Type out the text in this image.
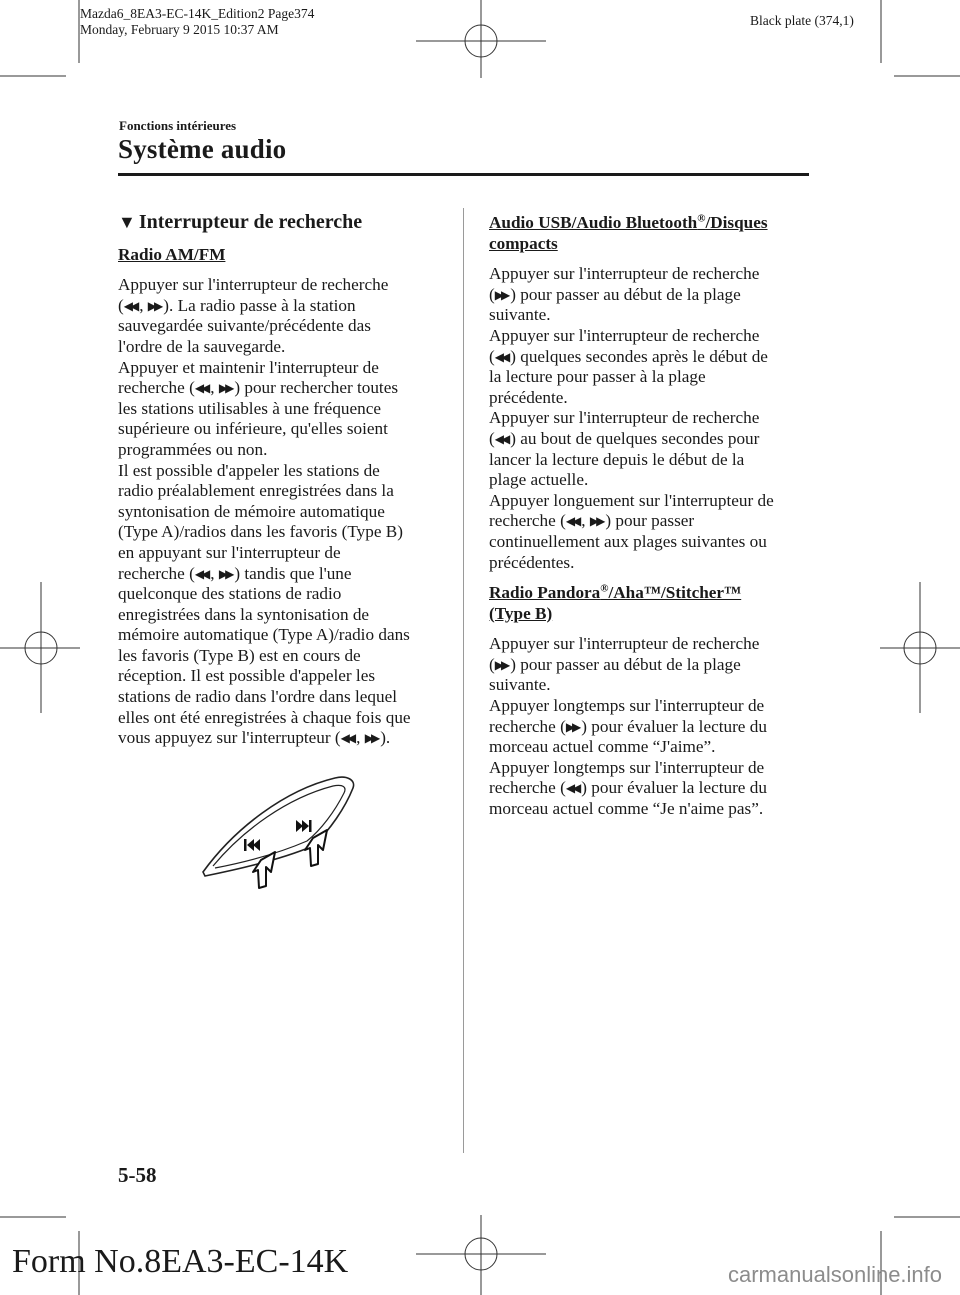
Mazda6_8EA3-EC-14K_Edition2 Page374
Monday, February 9 2015 10:37 AM
Black plate (374,1)
Fonctions intérieures
Système audio
▼ Interrupteur de recherche
Radio AM/FM

Appuyer sur l'interrupteur de recherche

(◀◀ , ▶▶ ). La radio passe à la station

sauvegardée suivante/précédente das

l'ordre de la sauvegarde.

Appuyer et maintenir l'interrupteur de

recherche (◀◀ , ▶▶ ) pour rechercher toutes

les stations utilisables à une fréquence

supérieure ou inférieure, qu'elles soient

programmées ou non.

Il est possible d'appeler les stations de

radio préalablement enregistrées dans la

syntonisation de mémoire automatique

(Type A)/radios dans les favoris (Type B)

en appuyant sur l'interrupteur de

recherche (◀◀ , ▶▶ ) tandis que l'une

quelconque des stations de radio

enregistrées dans la syntonisation de

mémoire automatique (Type A)/radio dans

les favoris (Type B) est en cours de

réception. Il est possible d'appeler les

stations de radio dans l'ordre dans lequel

elles ont été enregistrées à chaque fois que

vous appuyez sur l'interrupteur (◀◀ , ▶▶ ).

Audio USB/Audio Bluetooth®/Disques
compacts

Appuyer sur l'interrupteur de recherche

(▶▶ ) pour passer au début de la plage

suivante.

Appuyer sur l'interrupteur de recherche

(◀◀ ) quelques secondes après le début de

la lecture pour passer à la plage

précédente.

Appuyer sur l'interrupteur de recherche

(◀◀ ) au bout de quelques secondes pour

lancer la lecture depuis le début de la

plage actuelle.

Appuyer longuement sur l'interrupteur de

recherche (◀◀ , ▶▶ ) pour passer

continuellement aux plages suivantes ou

précédentes.

Radio Pandora®/Aha™/Stitcher™
(Type B)

Appuyer sur l'interrupteur de recherche

(▶▶ ) pour passer au début de la plage

suivante.

Appuyer longtemps sur l'interrupteur de

recherche (▶▶ ) pour évaluer la lecture du

morceau actuel comme “J'aime”.

Appuyer longtemps sur l'interrupteur de

recherche (◀◀ ) pour évaluer la lecture du

morceau actuel comme “Je n'aime pas”.

5-58
Form No.8EA3-EC-14K	carmanualsonline.info
